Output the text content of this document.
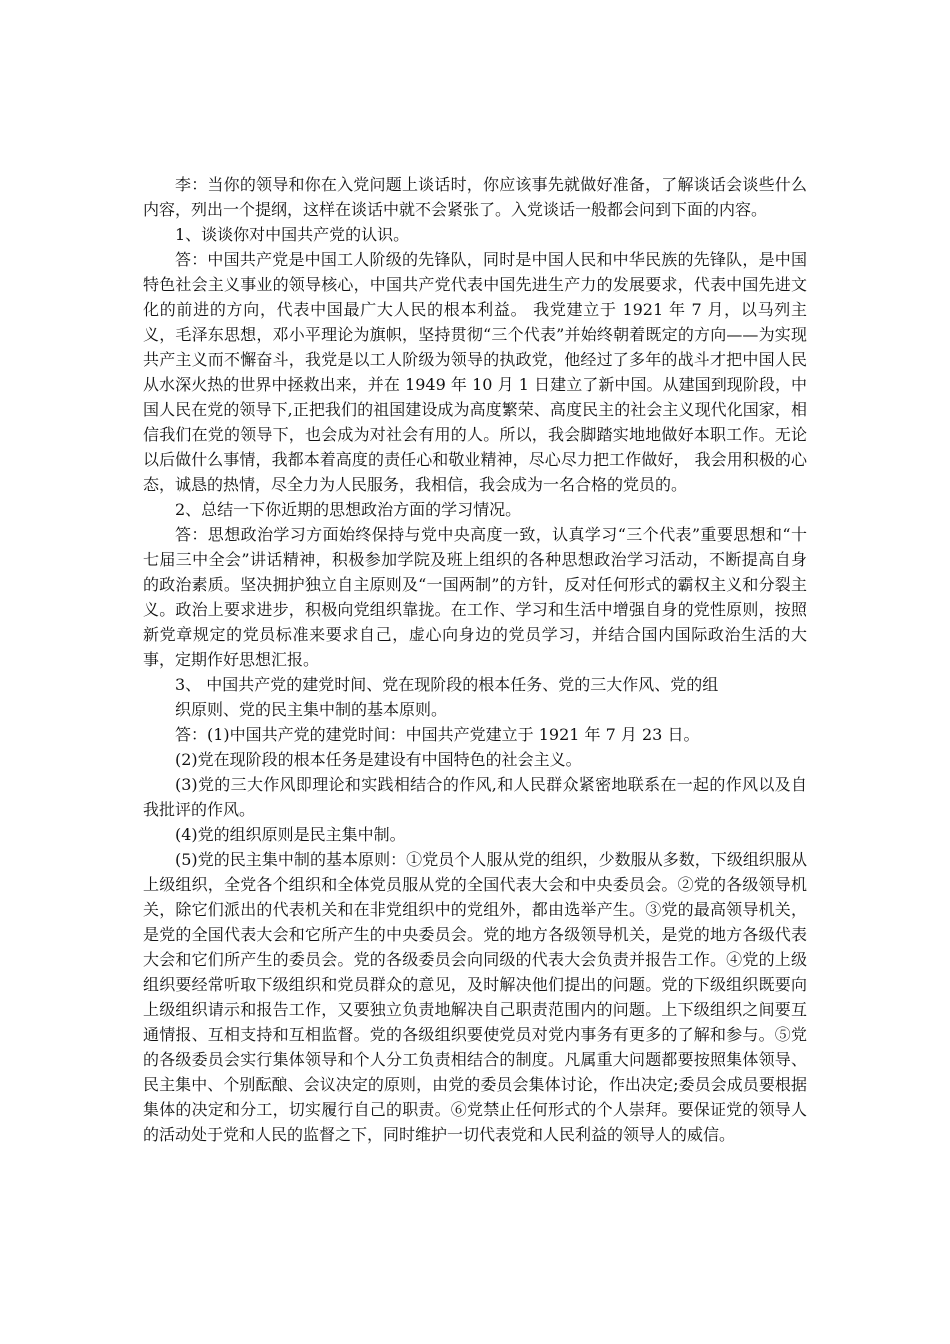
李：当你的领导和你在入党问题上谈话时，你应该事先就做好准备，了解谈话会谈些什么内容，列出一个提纲，这样在谈话中就不会紧张了。入党谈话一般都会问到下面的内容。

1、谈谈你对中国共产党的认识。

答：中国共产党是中国工人阶级的先锋队，同时是中国人民和中华民族的先锋队，是中国特色社会主义事业的领导核心，中国共产党代表中国先进生产力的发展要求，代表中国先进文化的前进的方向，代表中国最广大人民的根本利益。 我党建立于 1921 年 7 月，以马列主义，毛泽东思想，邓小平理论为旗帜，坚持贯彻“三个代表”并始终朝着既定的方向——为实现共产主义而不懈奋斗，我党是以工人阶级为领导的执政党，他经过了多年的战斗才把中国人民从水深火热的世界中拯救出来，并在 1949 年 10 月 1 日建立了新中国。从建国到现阶段，中国人民在党的领导下,正把我们的祖国建设成为高度繁荣、高度民主的社会主义现代化国家，相信我们在党的领导下，也会成为对社会有用的人。所以，我会脚踏实地地做好本职工作。无论以后做什么事情，我都本着高度的责任心和敬业精神，尽心尽力把工作做好， 我会用积极的心态，诚恳的热情，尽全力为人民服务，我相信，我会成为一名合格的党员的。

2、总结一下你近期的思想政治方面的学习情况。

答：思想政治学习方面始终保持与党中央高度一致，认真学习“三个代表”重要思想和“十七届三中全会”讲话精神，积极参加学院及班上组织的各种思想政治学习活动，不断提高自身的政治素质。坚决拥护独立自主原则及“一国两制”的方针，反对任何形式的霸权主义和分裂主义。政治上要求进步，积极向党组织靠拢。在工作、学习和生活中增强自身的党性原则，按照新党章规定的党员标准来要求自己，虚心向身边的党员学习，并结合国内国际政治生活的大事，定期作好思想汇报。

3、 中国共产党的建党时间、党在现阶段的根本任务、党的三大作风、党的组

织原则、党的民主集中制的基本原则。

答：(1)中国共产党的建党时间：中国共产党建立于 1921 年 7 月 23 日。

(2)党在现阶段的根本任务是建设有中国特色的社会主义。

(3)党的三大作风即理论和实践相结合的作风,和人民群众紧密地联系在一起的作风以及自我批评的作风。

(4)党的组织原则是民主集中制。

(5)党的民主集中制的基本原则：①党员个人服从党的组织，少数服从多数，下级组织服从上级组织，全党各个组织和全体党员服从党的全国代表大会和中央委员会。②党的各级领导机关，除它们派出的代表机关和在非党组织中的党组外，都由选举产生。③党的最高领导机关，是党的全国代表大会和它所产生的中央委员会。党的地方各级领导机关，是党的地方各级代表大会和它们所产生的委员会。党的各级委员会向同级的代表大会负责并报告工作。④党的上级组织要经常听取下级组织和党员群众的意见，及时解决他们提出的问题。党的下级组织既要向上级组织请示和报告工作，又要独立负责地解决自己职责范围内的问题。上下级组织之间要互通情报、互相支持和互相监督。党的各级组织要使党员对党内事务有更多的了解和参与。⑤党的各级委员会实行集体领导和个人分工负责相结合的制度。凡属重大问题都要按照集体领导、民主集中、个别酝酿、会议决定的原则，由党的委员会集体讨论，作出决定;委员会成员要根据集体的决定和分工，切实履行自己的职责。⑥党禁止任何形式的个人崇拜。要保证党的领导人的活动处于党和人民的监督之下，同时维护一切代表党和人民利益的领导人的威信。
